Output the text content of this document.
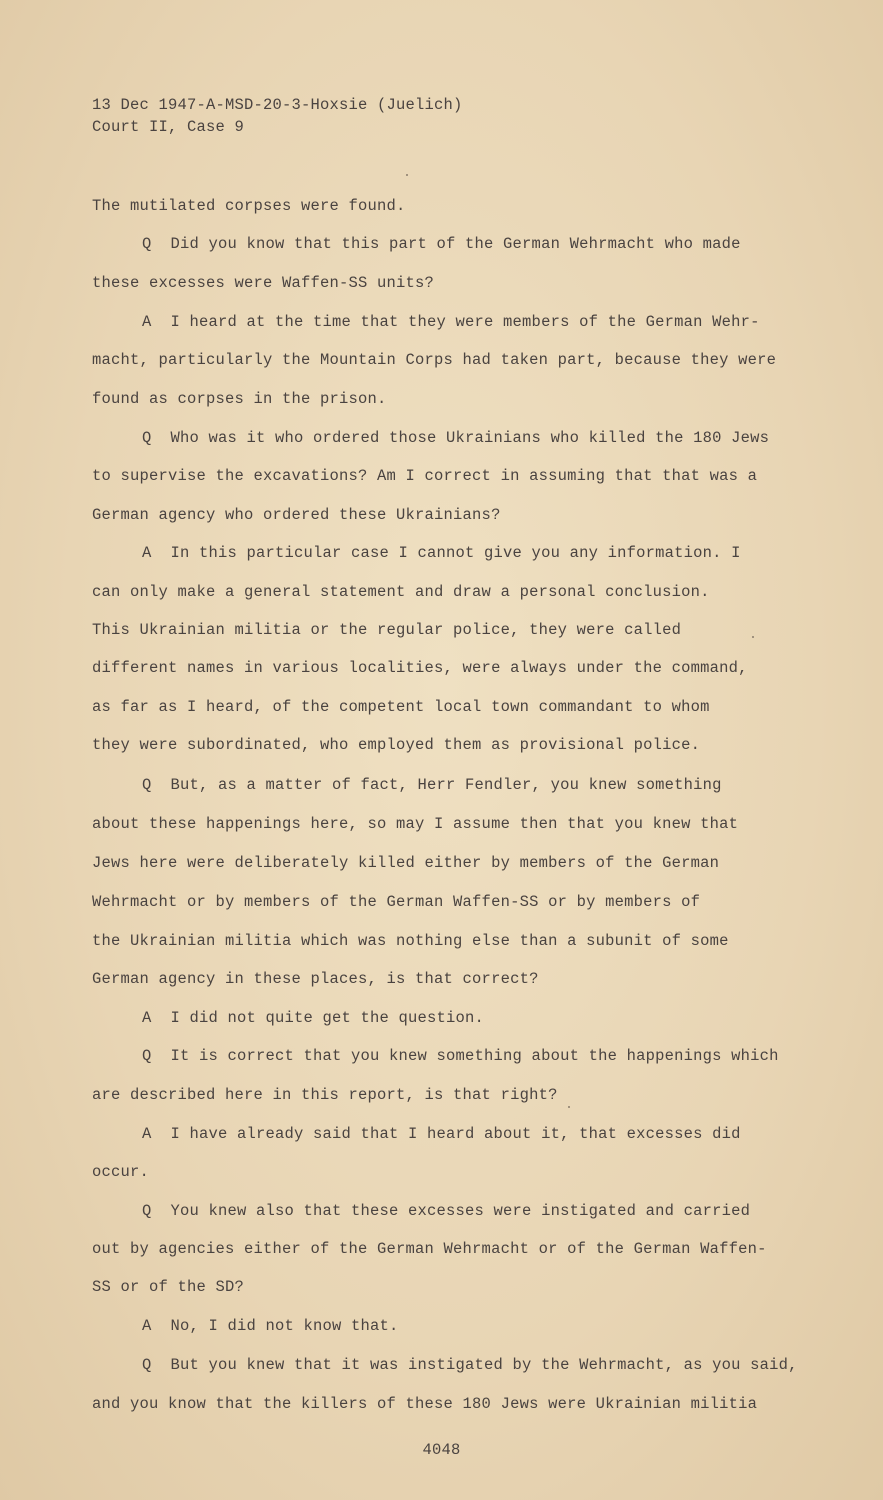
13 Dec 1947-A-MSD-20-3-Hoxsie (Juelich)
Court II, Case 9
The mutilated corpses were found.
Q  Did you know that this part of the German Wehrmacht who made
these excesses were Waffen-SS units?
A  I heard at the time that they were members of the German Wehr-
macht, particularly the Mountain Corps had taken part, because they were
found as corpses in the prison.
Q  Who was it who ordered those Ukrainians who killed the 180 Jews
to supervise the excavations? Am I correct in assuming that that was a
German agency who ordered these Ukrainians?
A  In this particular case I cannot give you any information. I
can only make a general statement and draw a personal conclusion.
This Ukrainian militia or the regular police, they were called
different names in various localities, were always under the command,
as far as I heard, of the competent local town commandant to whom
they were subordinated, who employed them as provisional police.
Q  But, as a matter of fact, Herr Fendler, you knew something
about these happenings here, so may I assume then that you knew that
Jews here were deliberately killed either by members of the German
Wehrmacht or by members of the German Waffen-SS or by members of
the Ukrainian militia which was nothing else than a subunit of some
German agency in these places, is that correct?
A  I did not quite get the question.
Q  It is correct that you knew something about the happenings which
are described here in this report, is that right?
A  I have already said that I heard about it, that excesses did
occur.
Q  You knew also that these excesses were instigated and carried
out by agencies either of the German Wehrmacht or of the German Waffen-
SS or of the SD?
A  No, I did not know that.
Q  But you knew that it was instigated by the Wehrmacht, as you said,
and you know that the killers of these 180 Jews were Ukrainian militia
4048
